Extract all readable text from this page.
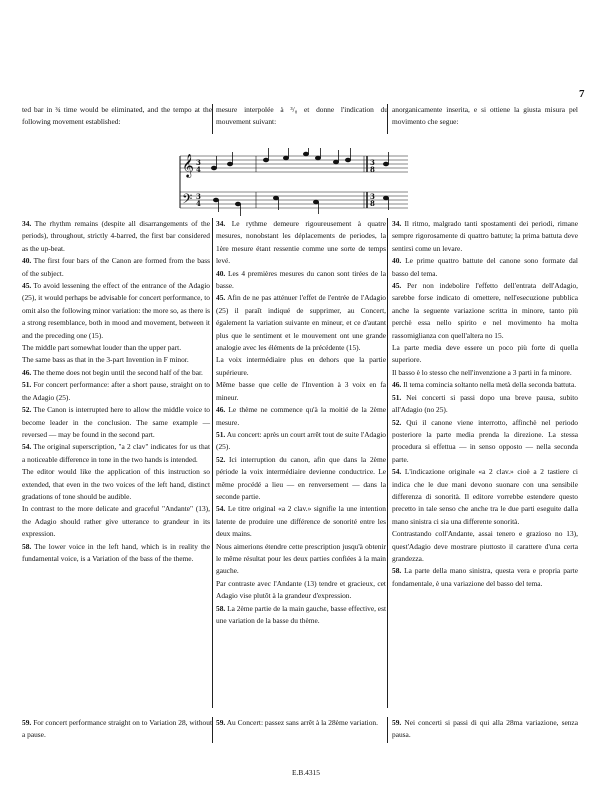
7

ted bar in ¾ time would be eliminated, and the tempo at the following movement established:

mesure interpolée à ³/₈ et donne l'indication du mouvement suivant:

anorganicamente inserita, e si ottiene la giusta misura pel movimento che segue:

𝄞
𝄢
3
4
3
4
3
8
3
8

34. The rhythm remains (despite all disarrangements of the periods), throughout, strictly 4-barred, the first bar considered as the up-beat.

40. The first four bars of the Canon are formed from the bass of the subject.

45. To avoid lessening the effect of the entrance of the Adagio (25), it would perhaps be advisable for concert performance, to omit also the following minor variation: the more so, as there is a strong resemblance, both in mood and movement, between it and the preceding one (15).

The middle part somewhat louder than the upper part.

The same bass as that in the 3-part Invention in F minor.

46. The theme does not begin until the second half of the bar.

51. For concert performance: after a short pause, straight on to the Adagio (25).

52. The Canon is interrupted here to allow the middle voice to become leader in the conclusion. The same example — reversed — may be found in the second part.

54. The original superscription, "a 2 clav" indicates for us that a noticeable difference in tone in the two hands is intended.

The editor would like the application of this instruction so extended, that even in the two voices of the left hand, distinct gradations of tone should be audible.

In contrast to the more delicate and graceful "Andante" (13), the Adagio should rather give utterance to grandeur in its expression.

58. The lower voice in the left hand, which is in reality the fundamental voice, is a Variation of the bass of the theme.

34. Le rythme demeure rigoureusement à quatre mesures, nonobstant les déplacements de periodes, la 1ère mesure étant ressentie comme une sorte de temps levé.

40. Les 4 premières mesures du canon sont tirées de la basse.

45. Afin de ne pas atténuer l'effet de l'entrée de l'Adagio (25) il paraît indiqué de supprimer, au Concert, également la variation suivante en mineur, et ce d'autant plus que le sentiment et le mouvement ont une grande analogie avec les éléments de la précédente (15).

La voix intermédiaire plus en dehors que la partie supérieure.

Même basse que celle de l'Invention à 3 voix en fa mineur.

46. Le thème ne commence qu'à la moitié de la 2ème mesure.

51. Au concert: après un court arrêt tout de suite l'Adagio (25).

52. Ici interruption du canon, afin que dans la 2ème période la voix intermédiaire devienne conductrice. Le même procédé a lieu — en renversement — dans la seconde partie.

54. Le titre original «a 2 clav.» signifie la une intention latente de produire une différence de sonorité entre les deux mains.

Nous aimerions étendre cette prescription jusqu'à obtenir le même résultat pour les deux parties confiées à la main gauche.

Par contraste avec l'Andante (13) tendre et gracieux, cet Adagio vise plutôt à la grandeur d'expression.

58. La 2ème partie de la main gauche, basse effective, est une variation de la basse du thème.

34. Il ritmo, malgrado tanti spostamenti dei periodi, rimane sempre rigorosamente di quattro battute; la prima battuta deve sentirsi come un levare.

40. Le prime quattro battute del canone sono formate dal basso del tema.

45. Per non indebolire l'effetto dell'entrata dell'Adagio, sarebbe forse indicato di omettere, nell'esecuzione pubblica anche la seguente variazione scritta in minore, tanto più perchè essa nello spirito e nel movimento ha molta rassomiglianza con quell'altera no 15.

La parte media deve essere un poco più forte di quella superiore.

Il basso è lo stesso che nell'invenzione a 3 parti in fa minore.

46. Il tema comincia soltanto nella metà della seconda battuta.

51. Nei concerti si passi dopo una breve pausa, subito all'Adagio (no 25).

52. Qui il canone viene interrotto, affinchè nel periodo posteriore la parte media prenda la direzione. La stessa procedura si effettua — in senso opposto — nella seconda parte.

54. L'indicazione originale «a 2 clav.» cioè a 2 tastiere ci indica che le due mani devono suonare con una sensibile differenza di sonorità. Il editore vorrebbe estendere questo precetto in tale senso che anche tra le due parti eseguite dalla mano sinistra ci sia una differente sonorità.

Contrastando coll'Andante, assai tenero e grazioso no 13), quest'Adagio deve mostrare piuttosto il carattere d'una certa grandezza.

58. La parte della mano sinistra, questa vera e propria parte fondamentale, è una variazione del basso del tema.

59. For concert performance straight on to Variation 28, without a pause.
59. Au Concert: passez sans arrêt à la 28ème variation.	59. Nei concerti si passi di qui alla 28ma variazione, senza pausa.
E.B.4315
